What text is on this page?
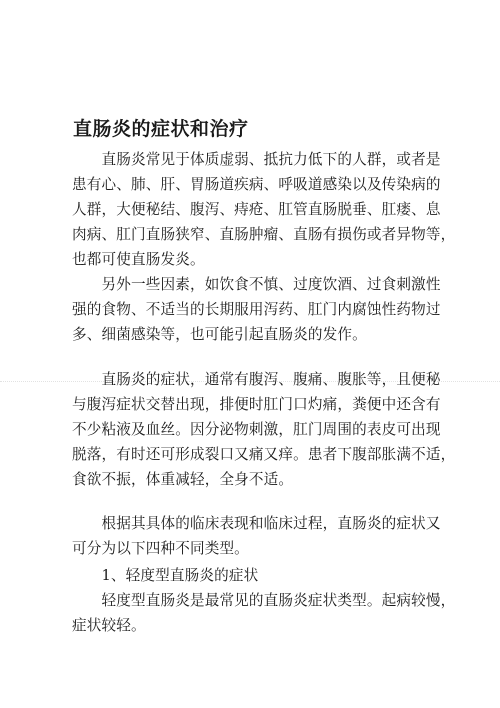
直肠炎的症状和治疗
　　直肠炎常见于体质虚弱、抵抗力低下的人群，或者是
患有心、肺、肝、胃肠道疾病、呼吸道感染以及传染病的
人群，大便秘结、腹泻、痔疮、肛管直肠脱垂、肛瘘、息
肉病、肛门直肠狭窄、直肠肿瘤、直肠有损伤或者异物等，
也都可使直肠发炎。
　　另外一些因素，如饮食不慎、过度饮酒、过食刺激性
强的食物、不适当的长期服用泻药、肛门内腐蚀性药物过
多、细菌感染等，也可能引起直肠炎的发作。
　　直肠炎的症状，通常有腹泻、腹痛、腹胀等，且便秘
与腹泻症状交替出现，排便时肛门口灼痛，粪便中还含有
不少粘液及血丝。因分泌物刺激，肛门周围的表皮可出现
脱落，有时还可形成裂口又痛又痒。患者下腹部胀满不适，
食欲不振，体重减轻，全身不适。
　　根据其具体的临床表现和临床过程，直肠炎的症状又
可分为以下四种不同类型。
　　1、轻度型直肠炎的症状
　　轻度型直肠炎是最常见的直肠炎症状类型。起病较慢，
症状较轻。
